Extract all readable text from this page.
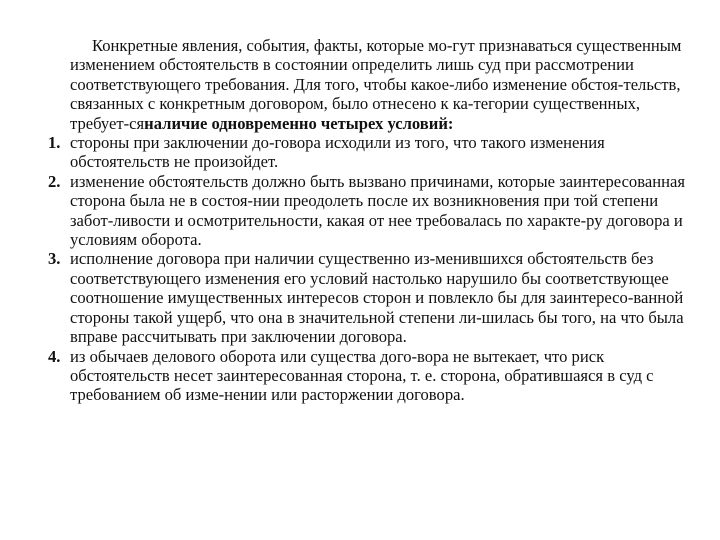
Конкретные явления, события, факты, которые мо-гут признаваться существенным изменением обстоятельств в состоянии определить лишь суд при рассмотрении соответствующего требования. Для того, чтобы какое-либо изменение обстоя-тельств, связанных с конкретным договором, было отнесено к ка-тегории существенных, требует-сяналичие одновременно четырех условий:

1. стороны при заключении до-говора исходили из того, что такого изменения обстоятельств не произойдет.
2. изменение обстоятельств должно быть вызвано причинами, которые заинтересованная сторона была не в состоя-нии преодолеть после их возникновения при той степени забот-ливости и осмотрительности, какая от нее требовалась по характе-ру договора и условиям оборота.
3. исполнение договора при наличии существенно из-менившихся обстоятельств без соответствующего изменения его условий настолько нарушило бы соответствующее соотношение имущественных интересов сторон и повлекло бы для заинтересо-ванной стороны такой ущерб, что она в значительной степени ли-шилась бы того, на что была вправе рассчитывать при заключении договора.
4. из обычаев делового оборота или существа дого-вора не вытекает, что риск обстоятельств несет заинтересованная сторона, т. е. сторона, обратившаяся в суд с требованием об изме-нении или расторжении договора.
